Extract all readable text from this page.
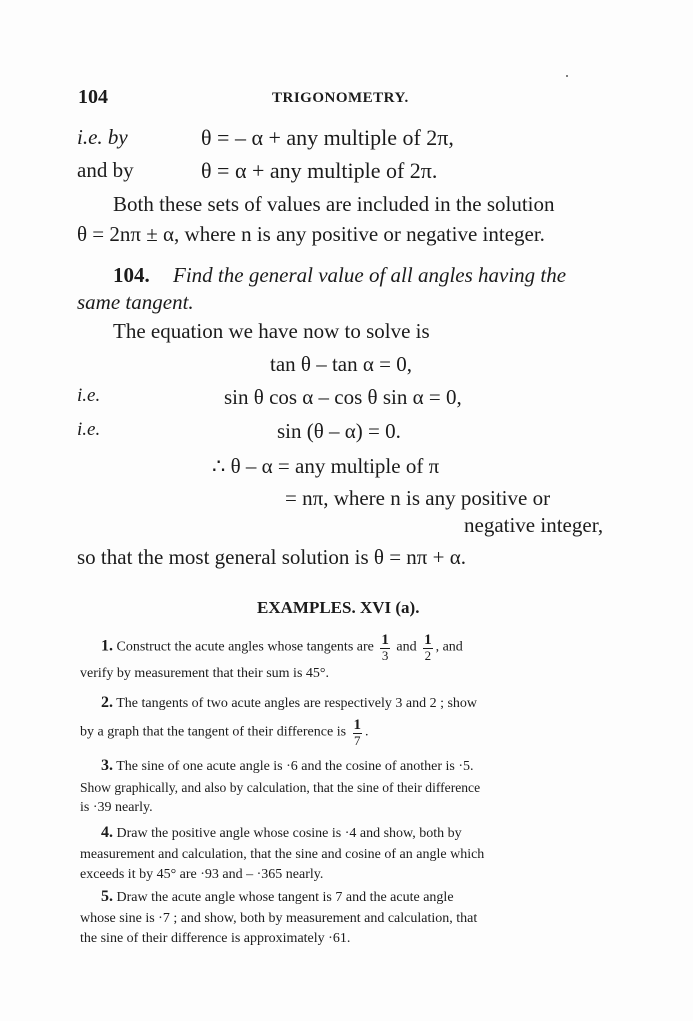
104	TRIGONOMETRY.
i.e. by	θ = – α + any multiple of 2π,
and by	θ = α + any multiple of 2π.
Both these sets of values are included in the solution
θ = 2nπ ± α, where n is any positive or negative integer.
104. Find the general value of all angles having the
same tangent.
The equation we have now to solve is
tan θ – tan α = 0,
i.e.	sin θ cos α – cos θ sin α = 0,
i.e.	sin (θ – α) = 0.
∴ θ – α = any multiple of π
= nπ, where n is any positive or
negative integer,
so that the most general solution is θ = nπ + α.
EXAMPLES. XVI (a).
1. Construct the acute angles whose tangents are $\frac{1}{3}$ and $\frac{1}{2}$ , and
verify by measurement that their sum is 45°.
2. The tangents of two acute angles are respectively 3 and 2 ; show
by a graph that the tangent of their difference is $\frac{1}{7}$ .
3. The sine of one acute angle is ·6 and the cosine of another is ·5.
Show graphically, and also by calculation, that the sine of their difference
is ·39 nearly.
4. Draw the positive angle whose cosine is ·4 and show, both by
measurement and calculation, that the sine and cosine of an angle which
exceeds it by 45° are ·93 and – ·365 nearly.
5. Draw the acute angle whose tangent is 7 and the acute angle
whose sine is ·7 ; and show, both by measurement and calculation, that
the sine of their difference is approximately ·61.
